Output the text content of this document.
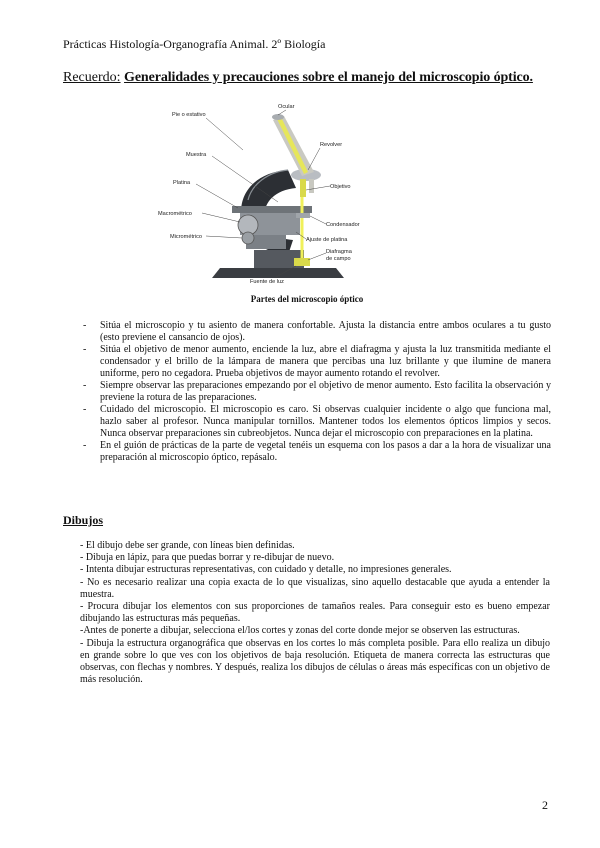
Prácticas Histología-Organografía Animal. 2º Biología
Recuerdo: Generalidades y precauciones sobre el manejo del microscopio óptico.
Pie o estativo
Muestra
Platina
Macrométrico
Micrométrico
Ocular
Revolver
Objetivo
Condensador
Ajuste de platina
Diafragma
de campo
Fuente de luz
Partes del microscopio óptico
- Sitúa el microscopio y tu asiento de manera confortable. Ajusta la distancia entre ambos oculares a tu gusto (esto previene el cansancio de ojos).
- Sitúa el objetivo de menor aumento, enciende la luz, abre el diafragma y ajusta la luz transmitida mediante el condensador y el brillo de la lámpara de manera que percibas una luz brillante y que ilumine de manera uniforme, pero no cegadora. Prueba objetivos de mayor aumento rotando el revolver.
- Siempre observar las preparaciones empezando por el objetivo de menor aumento. Esto facilita la observación y previene la rotura de las preparaciones.
- Cuidado del microscopio. El microscopio es caro. Si observas cualquier incidente o algo que funciona mal, hazlo saber al profesor. Nunca manipular tornillos. Mantener todos los elementos ópticos limpios y secos. Nunca observar preparaciones sin cubreobjetos. Nunca dejar el microscopio con preparaciones en la platina.
- En el guión de prácticas de la parte de vegetal tenéis un esquema con los pasos a dar a la hora de visualizar una preparación al microscopio óptico, repásalo.
Dibujos

- El dibujo debe ser grande, con líneas bien definidas.

- Dibuja en lápiz, para que puedas borrar y re-dibujar de nuevo.

- Intenta dibujar estructuras representativas, con cuidado y detalle, no impresiones generales.

- No es necesario realizar una copia exacta de lo que visualizas, sino aquello destacable que ayuda a entender la muestra.

- Procura dibujar los elementos con sus proporciones de tamaños reales. Para conseguir esto es bueno empezar dibujando las estructuras más pequeñas.

-Antes de ponerte a dibujar, selecciona el/los cortes y zonas del corte donde mejor se observen las estructuras.

- Dibuja la estructura organográfica que observas en los cortes lo más completa posible. Para ello realiza un dibujo en grande sobre lo que ves con los objetivos de baja resolución. Etiqueta de manera correcta las estructuras que observas, con flechas y nombres. Y después, realiza los dibujos de células o áreas más específicas con un objetivo de más resolución.

2
